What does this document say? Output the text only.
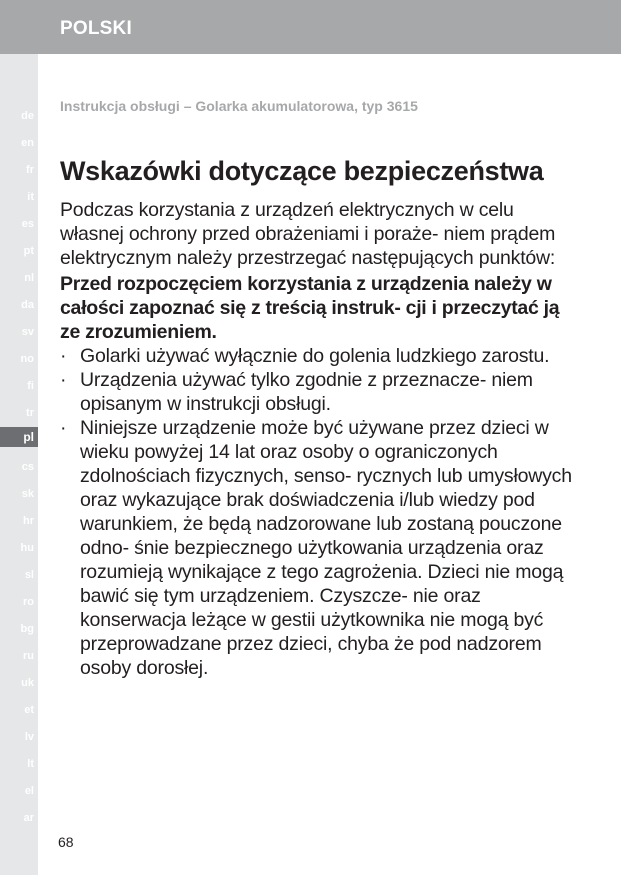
POLSKI
de
en
fr
it
es
pt
nl
da
sv
no
fi
tr
pl
cs
sk
hr
hu
sl
ro
bg
ru
uk
et
lv
lt
el
ar
Instrukcja obsługi – Golarka akumulatorowa, typ 3615
Wskazówki dotyczące bezpieczeństwa

Podczas korzystania z urządzeń elektrycznych w celu własnej ochrony przed obrażeniami i poraże- niem prądem elektrycznym należy przestrzegać następujących punktów:

Przed rozpoczęciem korzystania z urządzenia należy w całości zapoznać się z treścią instruk- cji i przeczytać ją ze zrozumieniem.

· Golarki używać wyłącznie do golenia ludzkiego zarostu.

· Urządzenia używać tylko zgodnie z przeznacze- niem opisanym w instrukcji obsługi.

· Niniejsze urządzenie może być używane przez dzieci w wieku powyżej 14 lat oraz osoby o ograniczonych zdolnościach fizycznych, senso- rycznych lub umysłowych oraz wykazujące brak doświadczenia i/lub wiedzy pod warunkiem, że będą nadzorowane lub zostaną pouczone odno- śnie bezpiecznego użytkowania urządzenia oraz rozumieją wynikające z tego zagrożenia. Dzieci nie mogą bawić się tym urządzeniem. Czyszcze- nie oraz konserwacja leżące w gestii użytkownika nie mogą być przeprowadzane przez dzieci, chyba że pod nadzorem osoby dorosłej.

68
